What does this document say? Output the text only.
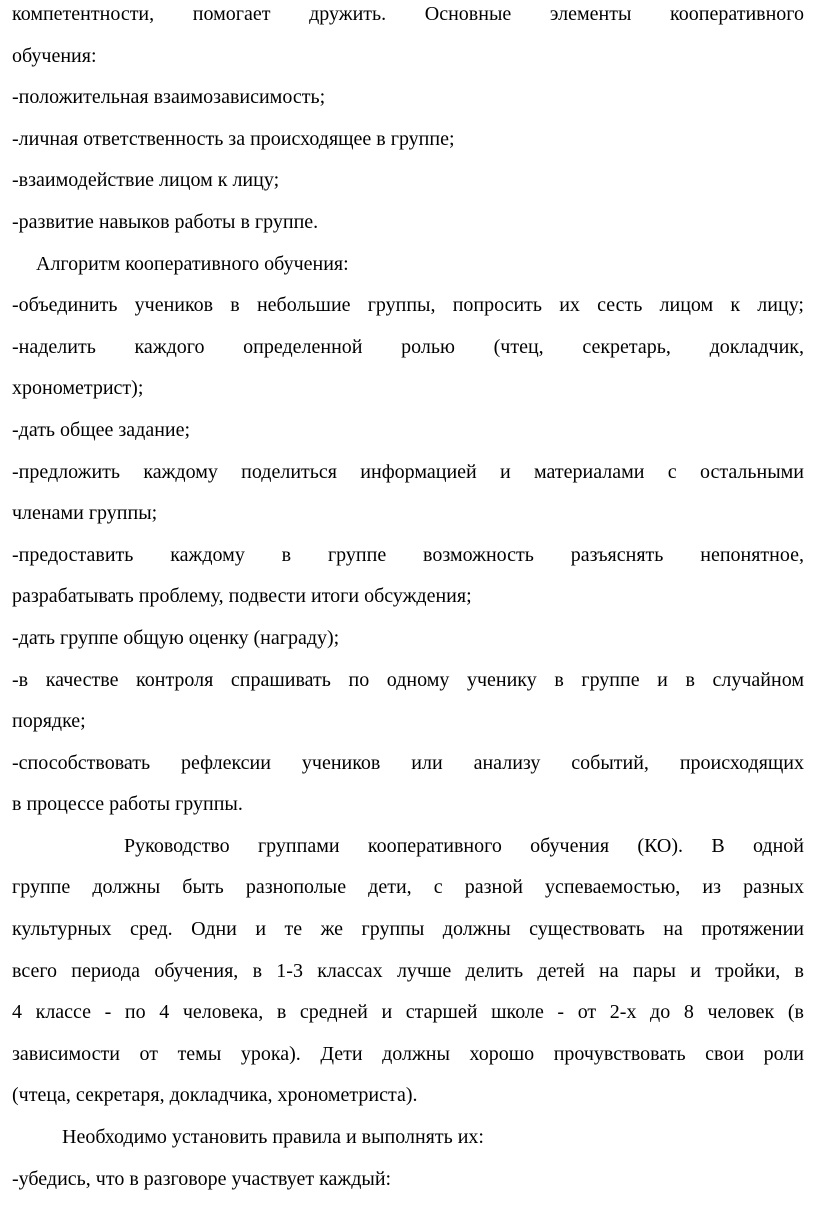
компетентности, помогает дружить. Основные элементы кооперативного
обучения:
-положительная взаимозависимость;
-личная ответственность за происходящее в группе;
-взаимодействие лицом к лицу;
-развитие навыков работы в группе.
Алгоритм кооперативного обучения:
-объединить учеников в небольшие группы, попросить их сесть лицом к лицу;
-наделить каждого определенной ролью (чтец, секретарь, докладчик,
хронометрист);
-дать общее задание;
-предложить каждому поделиться информацией и материалами с остальными
членами группы;
-предоставить каждому в группе возможность разъяснять непонятное,
разрабатывать проблему, подвести итоги обсуждения;
-дать группе общую оценку (награду);
-в качестве контроля спрашивать по одному ученику в группе и в случайном
порядке;
-способствовать рефлексии учеников или анализу событий, происходящих
в процессе работы группы.
Руководство группами кооперативного обучения (КО). В одной
группе должны быть разнополые дети, с разной успеваемостью, из разных
культурных сред. Одни и те же группы должны существовать на протяжении
всего периода обучения, в 1-3 классах лучше делить детей на пары и тройки, в
4 классе - по 4 человека, в средней и старшей школе - от 2-х до 8 человек (в
зависимости от темы урока). Дети должны хорошо прочувствовать свои роли
(чтеца, секретаря, докладчика, хронометриста).
Необходимо установить правила и выполнять их:
-убедись, что в разговоре участвует каждый:
